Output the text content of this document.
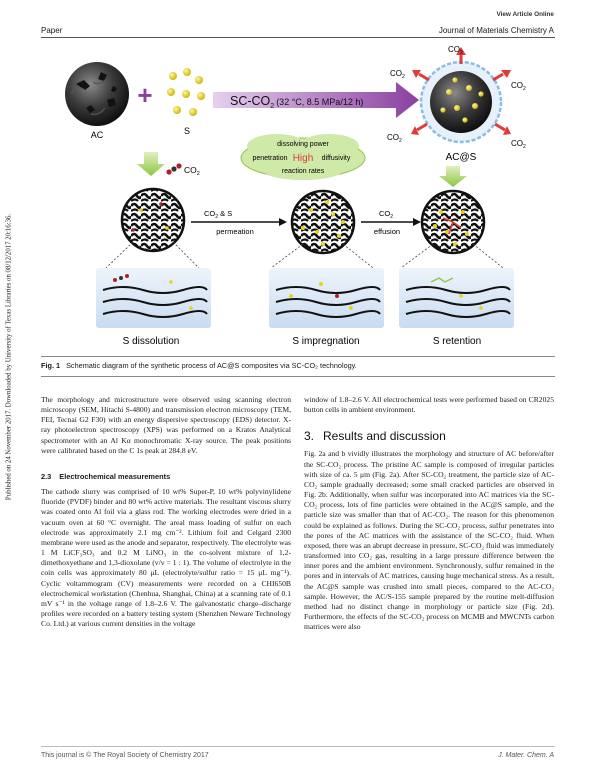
View Article Online
Paper	Journal of Materials Chemistry A
Published on 24 November 2017. Downloaded by University of Texas Libraries on 08/12/2017 20:16:36.
AC
+
S
$SC-CO_2$ $^{(32 ^\circ C, 8.5 MPa/12 h)}$
$CO_2$
$CO_2$
$CO_2$
$CO_2$	$CO_2$
AC@S
$CO_2$
dissolving power
penetration High diffusivity
reaction rates
$CO_2$ & S
permeation
$CO_2$
effusion
S dissolution	S impregnation	S retention
Fig. 1 Schematic diagram of the synthetic process of AC@S composites via SC-CO₂ technology.

The morphology and microstructure were observed using scanning electron microscopy (SEM, Hitachi S-4800) and transmission electron microscopy (TEM, FEI, Tecnai G2 F30) with an energy dispersive spectroscopy (EDS) detector. X-ray photoelectron spectroscopy (XPS) was performed on a Kratos Analytical spectrometer with an Al Kα monochromatic X-ray source. The peak positions were calibrated based on the C 1s peak at 284.8 eV.

2.3 Electrochemical measurements

The cathode slurry was comprised of 10 wt% Super-P, 10 wt% polyvinylidene fluoride (PVDF) binder and 80 wt% active materials. The resultant viscous slurry was coated onto Al foil via a glass rod. The working electrodes were dried in a vacuum oven at 60 °C overnight. The areal mass loading of sulfur on each electrode was approximately 2.1 mg cm⁻². Lithium foil and Celgard 2300 membrane were used as the anode and separator, respectively. The electrolyte was 1 M LiCF₃SO₃ and 0.2 M LiNO₃ in the co-solvent mixture of 1,2-dimethoxyethane and 1,3-dioxolane (v/v = 1 : 1). The volume of electrolyte in the coin cells was approximately 80 μL (electrolyte/sulfur ratio = 15 μL mg⁻¹). Cyclic voltammogram (CV) measurements were recorded on a CHI650B electrochemical workstation (Chenhua, Shanghai, China) at a scanning rate of 0.1 mV s⁻¹ in the voltage range of 1.8–2.6 V. The galvanostatic charge–discharge profiles were recorded on a battery testing system (Shenzhen Neware Technology Co. Ltd.) at various current densities in the voltage

window of 1.8–2.6 V. All electrochemical tests were performed based on CR2025 button cells in ambient environment.

3. Results and discussion

Fig. 2a and b vividly illustrates the morphology and structure of AC before/after the SC-CO₂ process. The pristine AC sample is composed of irregular particles with size of ca. 5 μm (Fig. 2a). After SC-CO₂ treatment, the particle size of AC-CO₂ sample gradually decreased; some small cracked particles are observed in Fig. 2b. Additionally, when sulfur was incorporated into AC matrices via the SC-CO₂ process, lots of fine particles were obtained in the AC@S sample, and the particle size was smaller than that of AC-CO₂. The reason for this phenomenon could be explained as follows. During the SC-CO₂ process, sulfur penetrates into the pores of the AC matrices with the assistance of the SC-CO₂ fluid. When exposed, there was an abrupt decrease in pressure, SC-CO₂ fluid was immediately transformed into CO₂ gas, resulting in a large pressure difference between the inner pores and the ambient environment. Synchronously, sulfur remained in the pores and in intervals of AC matrices, causing huge mechanical stress. As a result, the AC@S sample was crushed into small pieces, compared to the AC-CO₂ sample. However, the AC/S-155 sample prepared by the routine melt-diffusion method had no distinct change in morphology or particle size (Fig. 2d). Furthermore, the effects of the SC-CO₂ process on MCMB and MWCNTs carbon matrices were also

This journal is © The Royal Society of Chemistry 2017	J. Mater. Chem. A
